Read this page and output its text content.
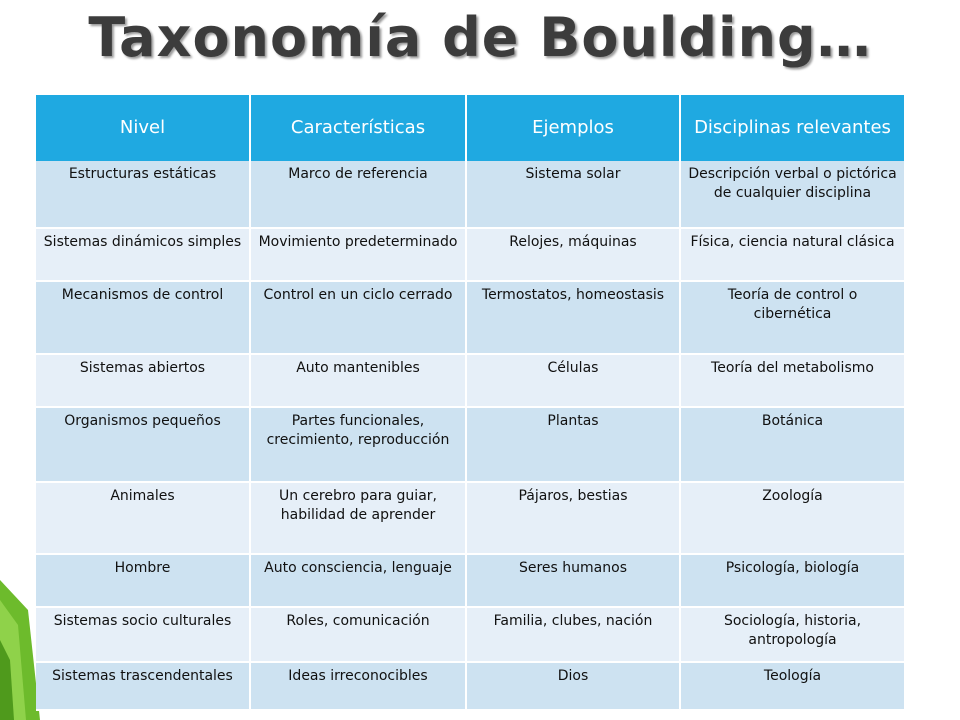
Taxonomía de Boulding…
Nivel	Características	Ejemplos	Disciplinas relevantes
Estructuras estáticas	Marco de referencia	Sistema solar	Descripción verbal o pictórica de cualquier disciplina
Sistemas dinámicos simples	Movimiento predeterminado	Relojes, máquinas	Física, ciencia natural clásica
Mecanismos de control	Control en un ciclo cerrado	Termostatos, homeostasis	Teoría de control o cibernética
Sistemas abiertos	Auto mantenibles	Células	Teoría del metabolismo
Organismos pequeños	Partes funcionales, crecimiento, reproducción	Plantas	Botánica
Animales	Un cerebro para guiar, habilidad de aprender	Pájaros, bestias	Zoología
Hombre	Auto consciencia, lenguaje	Seres humanos	Psicología, biología
Sistemas socio culturales	Roles, comunicación	Familia, clubes, nación	Sociología, historia, antropología
Sistemas trascendentales	Ideas irreconocibles	Dios	Teología
